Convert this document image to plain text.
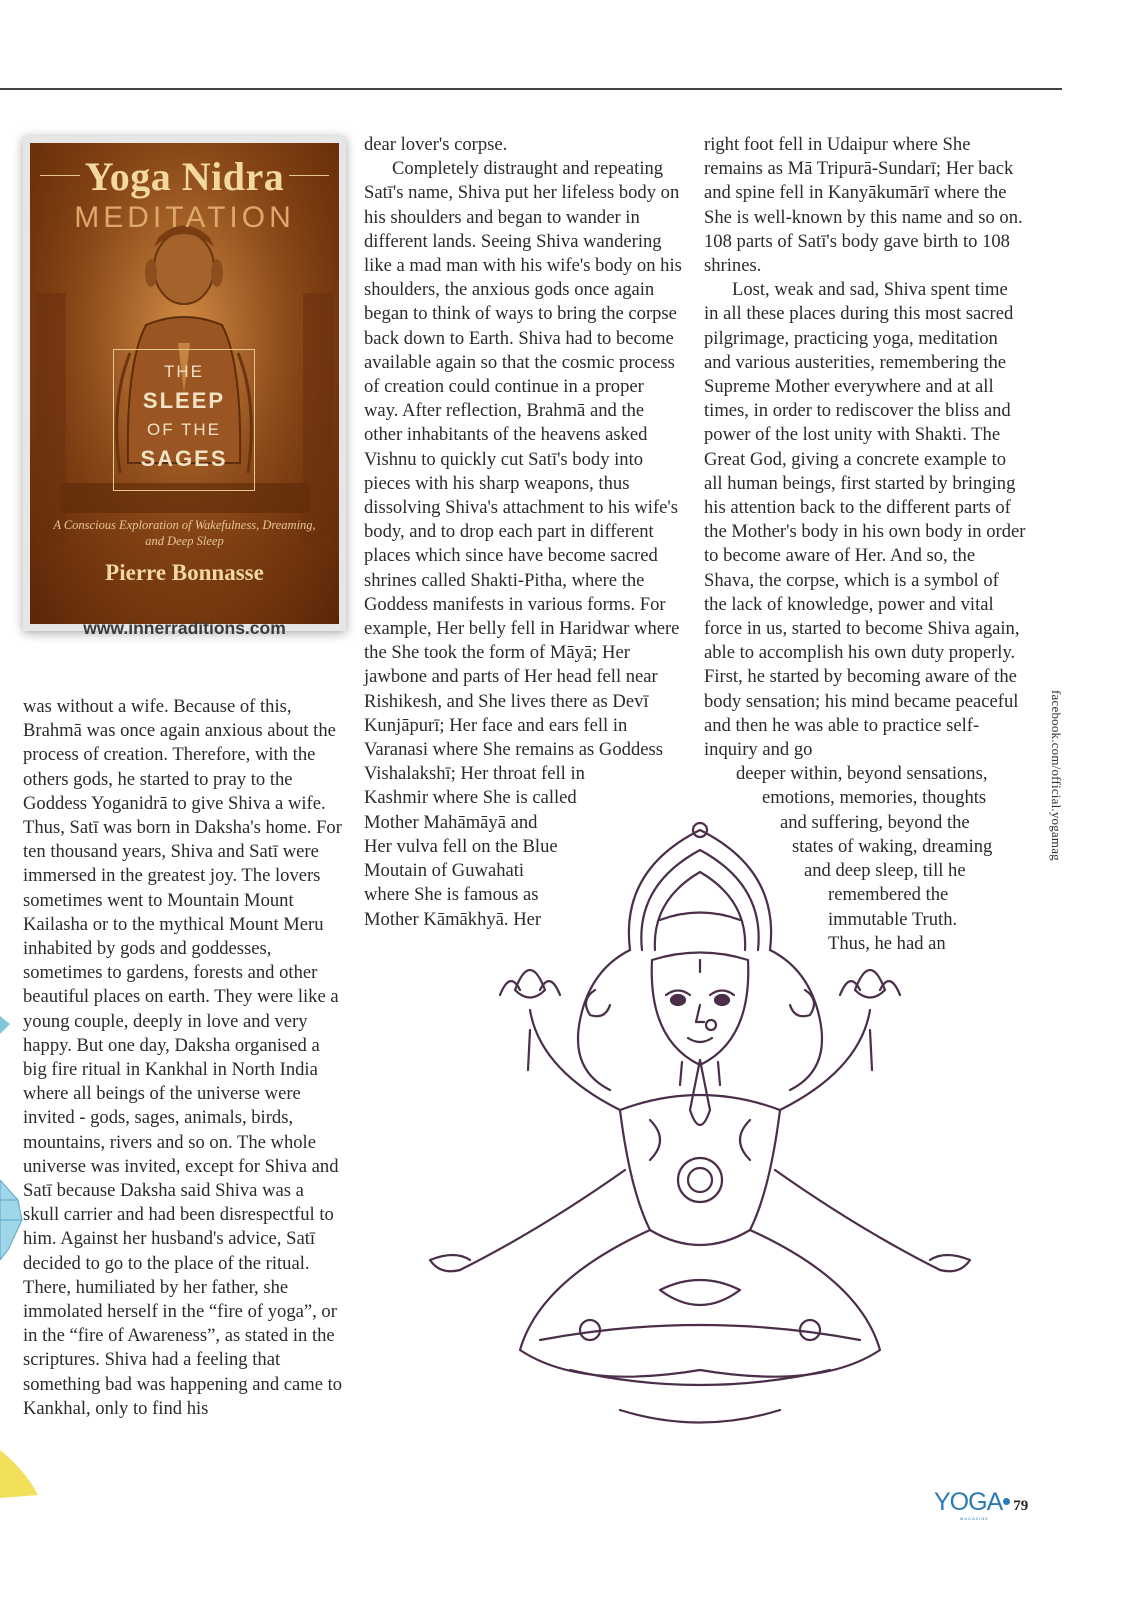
Yoga Nidra
MEDITATION
THE
SLEEP
OF THE
SAGES
A Conscious Exploration of Wakefulness, Dreaming, and Deep Sleep
Pierre Bonnasse
www.innerraditions.com

was without a wife. Because of this, Brahmā was once again anxious about the process of creation. Therefore, with the others gods, he started to pray to the Goddess Yoganidrā to give Shiva a wife. Thus, Satī was born in Daksha's home. For ten thousand years, Shiva and Satī were immersed in the greatest joy. The lovers sometimes went to Mountain Mount Kailasha or to the mythical Mount Meru inhabited by gods and goddesses, sometimes to gardens, forests and other beautiful places on earth. They were like a young couple, deeply in love and very happy. But one day, Daksha organised a big fire ritual in Kankhal in North India where all beings of the universe were invited - gods, sages, animals, birds, mountains, rivers and so on. The whole universe was invited, except for Shiva and Satī because Daksha said Shiva was a skull carrier and had been disrespectful to him. Against her husband's advice, Satī decided to go to the place of the ritual. There, humiliated by her father, she immolated herself in the “fire of yoga”, or in the “fire of Awareness”, as stated in the scriptures. Shiva had a feeling that something bad was happening and came to Kankhal, only to find his

dear lover's corpse.

Completely distraught and repeating Satī's name, Shiva put her lifeless body on his shoulders and began to wander in different lands. Seeing Shiva wandering like a mad man with his wife's body on his shoulders, the anxious gods once again began to think of ways to bring the corpse back down to Earth. Shiva had to become available again so that the cosmic process of creation could continue in a proper way. After reflection, Brahmā and the other inhabitants of the heavens asked Vishnu to quickly cut Satī's body into pieces with his sharp weapons, thus dissolving Shiva's attachment to his wife's body, and to drop each part in different places which since have become sacred shrines called Shakti-Pitha, where the Goddess manifests in various forms. For example, Her belly fell in Haridwar where the She took the form of Māyā; Her jawbone and parts of Her head fell near Rishikesh, and She lives there as Devī Kunjāpurī; Her face and ears fell in Varanasi where She remains as Goddess Vishalakshī; Her throat fell in

Kashmir where She is called
Mother Mahāmāyā and
Her vulva fell on the Blue
Moutain of Guwahati
where She is famous as
Mother Kāmākhyā. Her

right foot fell in Udaipur where She remains as Mā Tripurā-Sundarī; Her back and spine fell in Kanyākumārī where the She is well-known by this name and so on. 108 parts of Satī's body gave birth to 108 shrines.

Lost, weak and sad, Shiva spent time in all these places during this most sacred pilgrimage, practicing yoga, meditation and various austerities, remembering the Supreme Mother everywhere and at all times, in order to rediscover the bliss and power of the lost unity with Shakti. The Great God, giving a concrete example to all human beings, first started by bringing his attention back to the different parts of the Mother's body in his own body in order to become aware of Her. And so, the Shava, the corpse, which is a symbol of the lack of knowledge, power and vital force in us, started to become Shiva again, able to accomplish his own duty properly. First, he started by becoming aware of the body sensation; his mind became peaceful and then he was able to practice self-inquiry and go

deeper within, beyond sensations,
emotions, memories, thoughts
and suffering, beyond the
states of waking, dreaming
and deep sleep, till he
remembered the
immutable Truth.
Thus, he had an
facebook.com/official.yogamag
YOGA 79
MAGAZINE
